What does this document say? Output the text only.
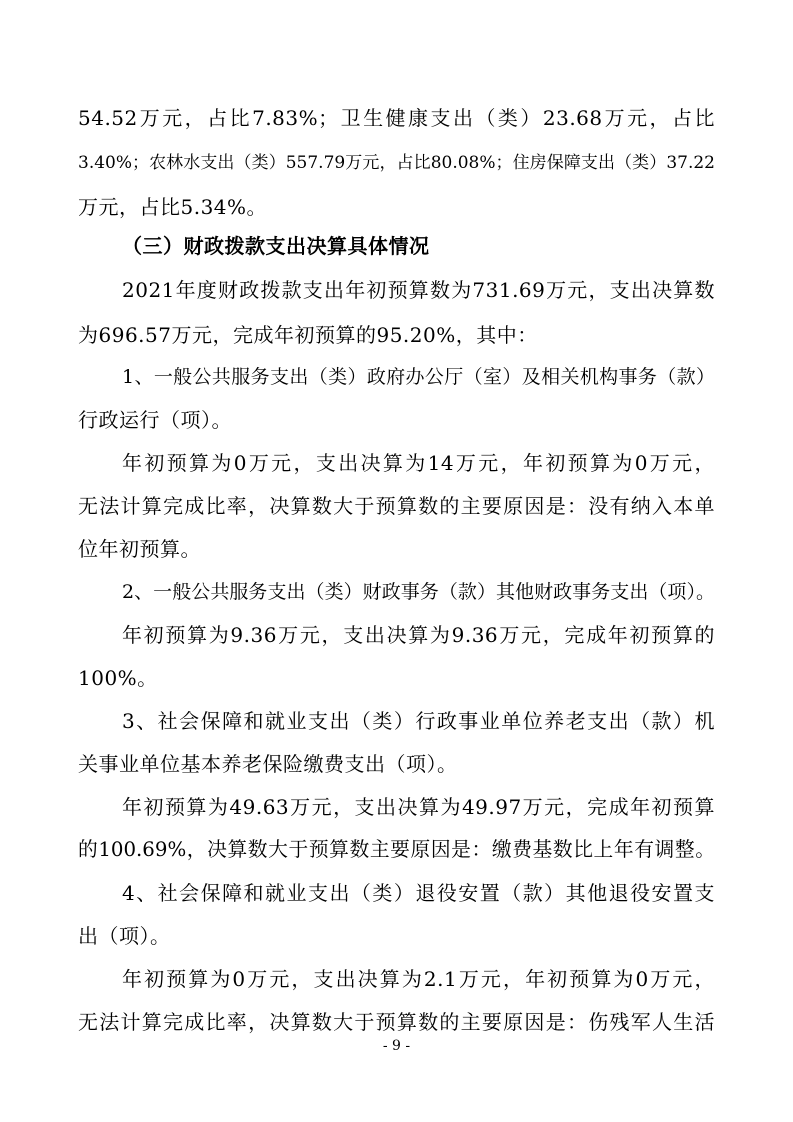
54.52万元，占比7.83%；卫生健康支出（类）23.68万元，占比
3.40%；农林水支出（类）557.79万元，占比80.08%；住房保障支出（类）37.22
万元，占比5.34%。
（三）财政拨款支出决算具体情况
2021年度财政拨款支出年初预算数为731.69万元，支出决算数
为696.57万元，完成年初预算的95.20%，其中：
1、一般公共服务支出（类）政府办公厅（室）及相关机构事务（款）
行政运行（项）。
年初预算为0万元，支出决算为14万元，年初预算为0万元，
无法计算完成比率，决算数大于预算数的主要原因是：没有纳入本单
位年初预算。
2、一般公共服务支出（类）财政事务（款）其他财政事务支出（项）。
年初预算为9.36万元，支出决算为9.36万元，完成年初预算的
100%。
3、社会保障和就业支出（类）行政事业单位养老支出（款）机
关事业单位基本养老保险缴费支出（项）。
年初预算为49.63万元，支出决算为49.97万元，完成年初预算
的100.69%，决算数大于预算数主要原因是：缴费基数比上年有调整。
4、社会保障和就业支出（类）退役安置（款）其他退役安置支
出（项）。
年初预算为0万元，支出决算为2.1万元，年初预算为0万元，
无法计算完成比率，决算数大于预算数的主要原因是：伤残军人生活
- 9 -
